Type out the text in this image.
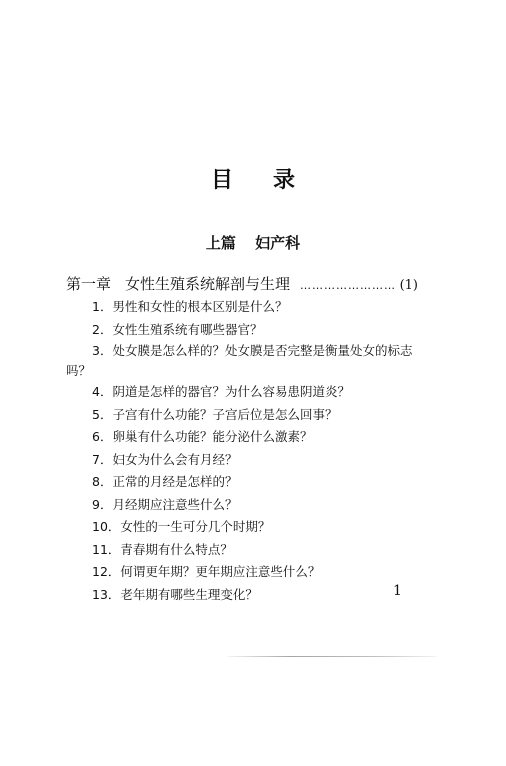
目录
上篇 妇产科
第一章 女性生殖系统解剖与生理 …………………… (1)
1．男性和女性的根本区别是什么？
2．女性生殖系统有哪些器官？
3．处女膜是怎么样的？处女膜是否完整是衡量处女的标志吗？
4．阴道是怎样的器官？为什么容易患阴道炎？
5．子宫有什么功能？子宫后位是怎么回事？
6．卵巢有什么功能？能分泌什么激素？
7．妇女为什么会有月经？
8．正常的月经是怎样的？
9．月经期应注意些什么？
10．女性的一生可分几个时期？
11．青春期有什么特点？
12．何谓更年期？更年期应注意些什么？
13．老年期有哪些生理变化？	1
